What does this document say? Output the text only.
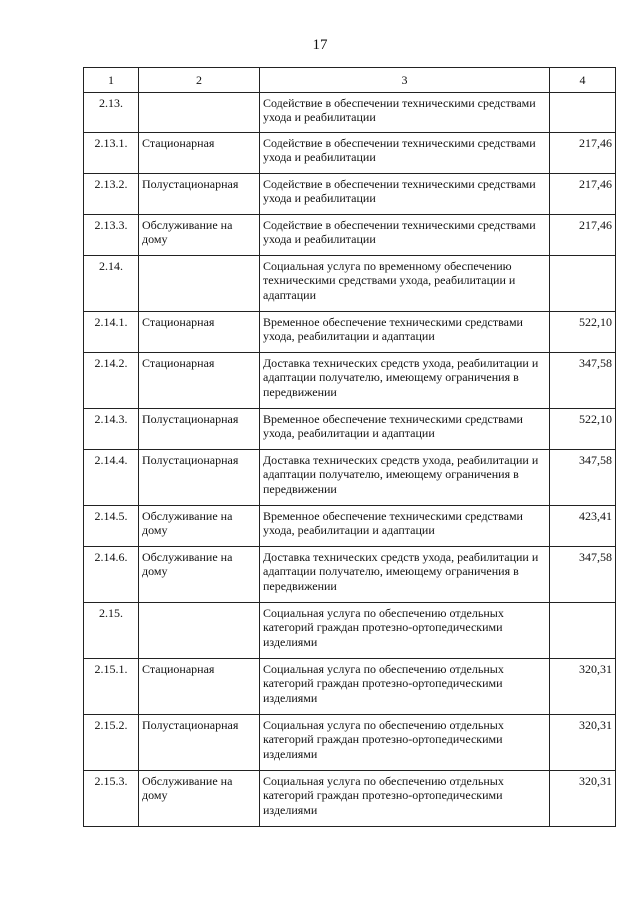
17
1	2	3	4
2.13.		Содействие в обеспечении техническими средствами ухода и реабилитации	
2.13.1.	Стационарная	Содействие в обеспечении техническими средствами ухода и реабилитации	217,46
2.13.2.	Полустационарная	Содействие в обеспечении техническими средствами ухода и реабилитации	217,46
2.13.3.	Обслуживание на дому	Содействие в обеспечении техническими средствами ухода и реабилитации	217,46
2.14.		Социальная услуга по временному обеспечению техническими средствами ухода, реабилитации и адаптации	
2.14.1.	Стационарная	Временное обеспечение техническими средствами ухода, реабилитации и адаптации	522,10
2.14.2.	Стационарная	Доставка технических средств ухода, реабилитации и адаптации получателю, имеющему ограничения в передвижении	347,58
2.14.3.	Полустационарная	Временное обеспечение техническими средствами ухода, реабилитации и адаптации	522,10
2.14.4.	Полустационарная	Доставка технических средств ухода, реабилитации и адаптации получателю, имеющему ограничения в передвижении	347,58
2.14.5.	Обслуживание на дому	Временное обеспечение техническими средствами ухода, реабилитации и адаптации	423,41
2.14.6.	Обслуживание на дому	Доставка технических средств ухода, реабилитации и адаптации получателю, имеющему ограничения в передвижении	347,58
2.15.		Социальная услуга по обеспечению отдельных категорий граждан протезно-ортопедическими изделиями	
2.15.1.	Стационарная	Социальная услуга по обеспечению отдельных категорий граждан протезно-ортопедическими изделиями	320,31
2.15.2.	Полустационарная	Социальная услуга по обеспечению отдельных категорий граждан протезно-ортопедическими изделиями	320,31
2.15.3.	Обслуживание на дому	Социальная услуга по обеспечению отдельных категорий граждан протезно-ортопедическими изделиями	320,31
